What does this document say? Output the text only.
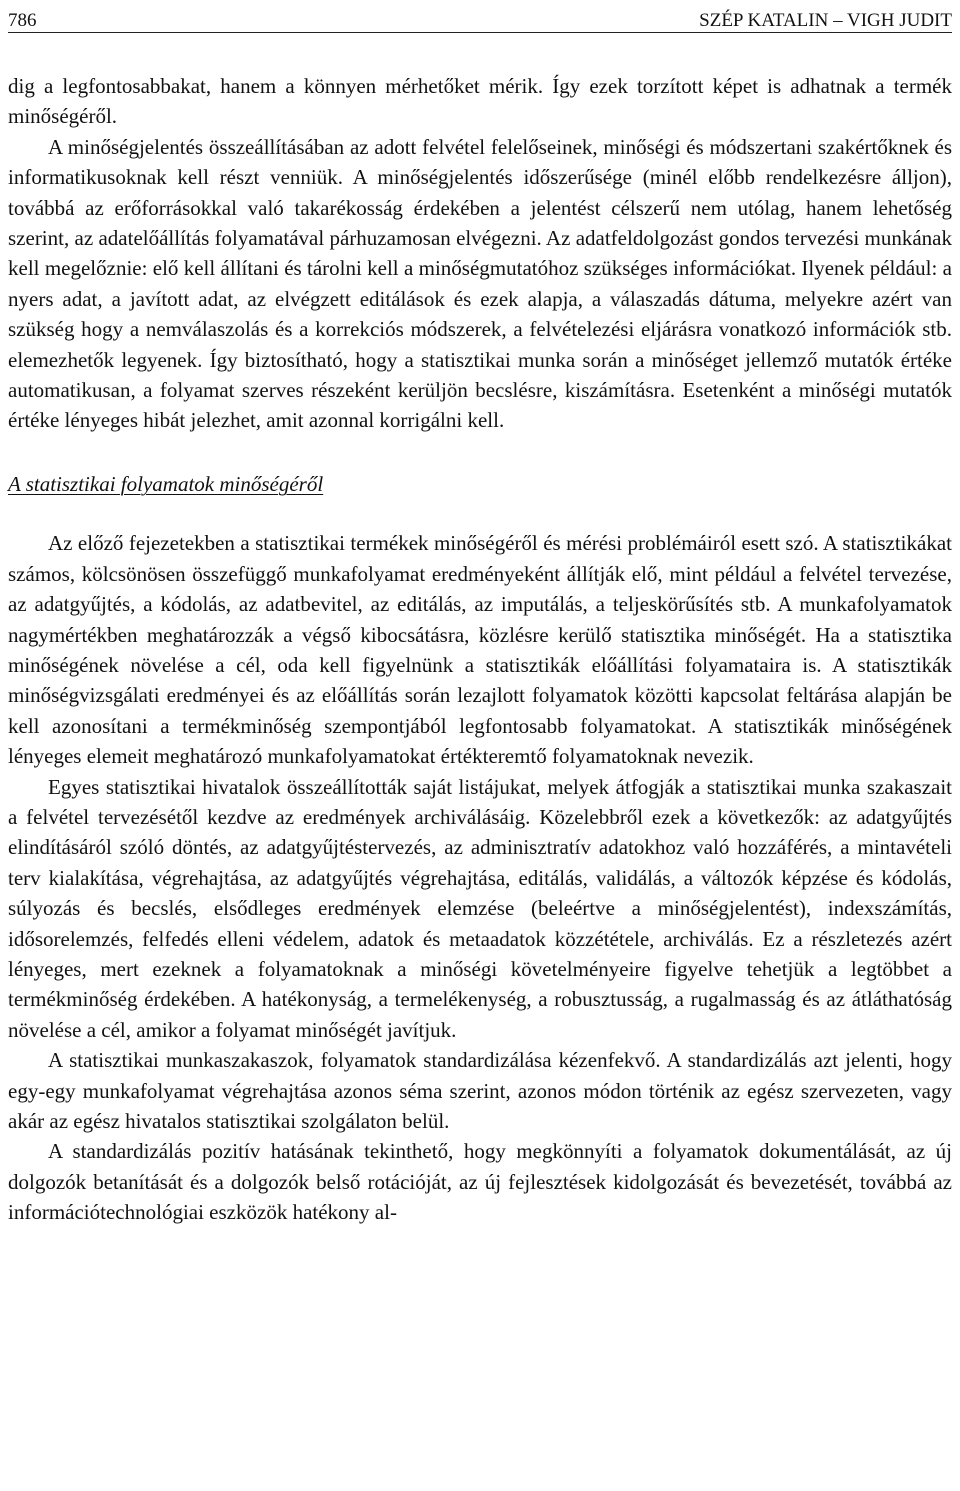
786	SZÉP KATALIN – VIGH JUDIT

dig a legfontosabbakat, hanem a könnyen mérhetőket mérik. Így ezek torzított képet is adhatnak a termék minőségéről.

A minőségjelentés összeállításában az adott felvétel felelőseinek, minőségi és módszertani szakértőknek és informatikusoknak kell részt venniük. A minőségjelentés időszerűsége (minél előbb rendelkezésre álljon), továbbá az erőforrásokkal való takarékosság érdekében a jelentést célszerű nem utólag, hanem lehetőség szerint, az adatelőállítás folyamatával párhuzamosan elvégezni. Az adatfeldolgozást gondos tervezési munkának kell megelőznie: elő kell állítani és tárolni kell a minőségmutatóhoz szükséges információkat. Ilyenek például: a nyers adat, a javított adat, az elvégzett editálások és ezek alapja, a válaszadás dátuma, melyekre azért van szükség hogy a nemválaszolás és a korrekciós módszerek, a felvételezési eljárásra vonatkozó információk stb. elemezhetők legyenek. Így biztosítható, hogy a statisztikai munka során a minőséget jellemző mutatók értéke automatikusan, a folyamat szerves részeként kerüljön becslésre, kiszámításra. Esetenként a minőségi mutatók értéke lényeges hibát jelezhet, amit azonnal korrigálni kell.

A statisztikai folyamatok minőségéről

Az előző fejezetekben a statisztikai termékek minőségéről és mérési problémáiról esett szó. A statisztikákat számos, kölcsönösen összefüggő munkafolyamat eredményeként állítják elő, mint például a felvétel tervezése, az adatgyűjtés, a kódolás, az adatbevitel, az editálás, az imputálás, a teljeskörűsítés stb. A munkafolyamatok nagymértékben meghatározzák a végső kibocsátásra, közlésre kerülő statisztika minőségét. Ha a statisztika minőségének növelése a cél, oda kell figyelnünk a statisztikák előállítási folyamataira is. A statisztikák minőségvizsgálati eredményei és az előállítás során lezajlott folyamatok közötti kapcsolat feltárása alapján be kell azonosítani a termékminőség szempontjából legfontosabb folyamatokat. A statisztikák minőségének lényeges elemeit meghatározó munkafolyamatokat értékteremtő folyamatoknak nevezik.

Egyes statisztikai hivatalok összeállították saját listájukat, melyek átfogják a statisztikai munka szakaszait a felvétel tervezésétől kezdve az eredmények archiválásáig. Közelebbről ezek a következők: az adatgyűjtés elindításáról szóló döntés, az adatgyűjtéstervezés, az adminisztratív adatokhoz való hozzáférés, a mintavételi terv kialakítása, végrehajtása, az adatgyűjtés végrehajtása, editálás, validálás, a változók képzése és kódolás, súlyozás és becslés, elsődleges eredmények elemzése (beleértve a minőségjelentést), indexszámítás, idősorelemzés, felfedés elleni védelem, adatok és metaadatok közzététele, archiválás. Ez a részletezés azért lényeges, mert ezeknek a folyamatoknak a minőségi követelményeire figyelve tehetjük a legtöbbet a termékminőség érdekében. A hatékonyság, a termelékenység, a robusztusság, a rugalmasság és az átláthatóság növelése a cél, amikor a folyamat minőségét javítjuk.

A statisztikai munkaszakaszok, folyamatok standardizálása kézenfekvő. A standardizálás azt jelenti, hogy egy-egy munkafolyamat végrehajtása azonos séma szerint, azonos módon történik az egész szervezeten, vagy akár az egész hivatalos statisztikai szolgálaton belül.

A standardizálás pozitív hatásának tekinthető, hogy megkönnyíti a folyamatok dokumentálását, az új dolgozók betanítását és a dolgozók belső rotációját, az új fejlesztések kidolgozását és bevezetését, továbbá az információtechnológiai eszközök hatékony al-
